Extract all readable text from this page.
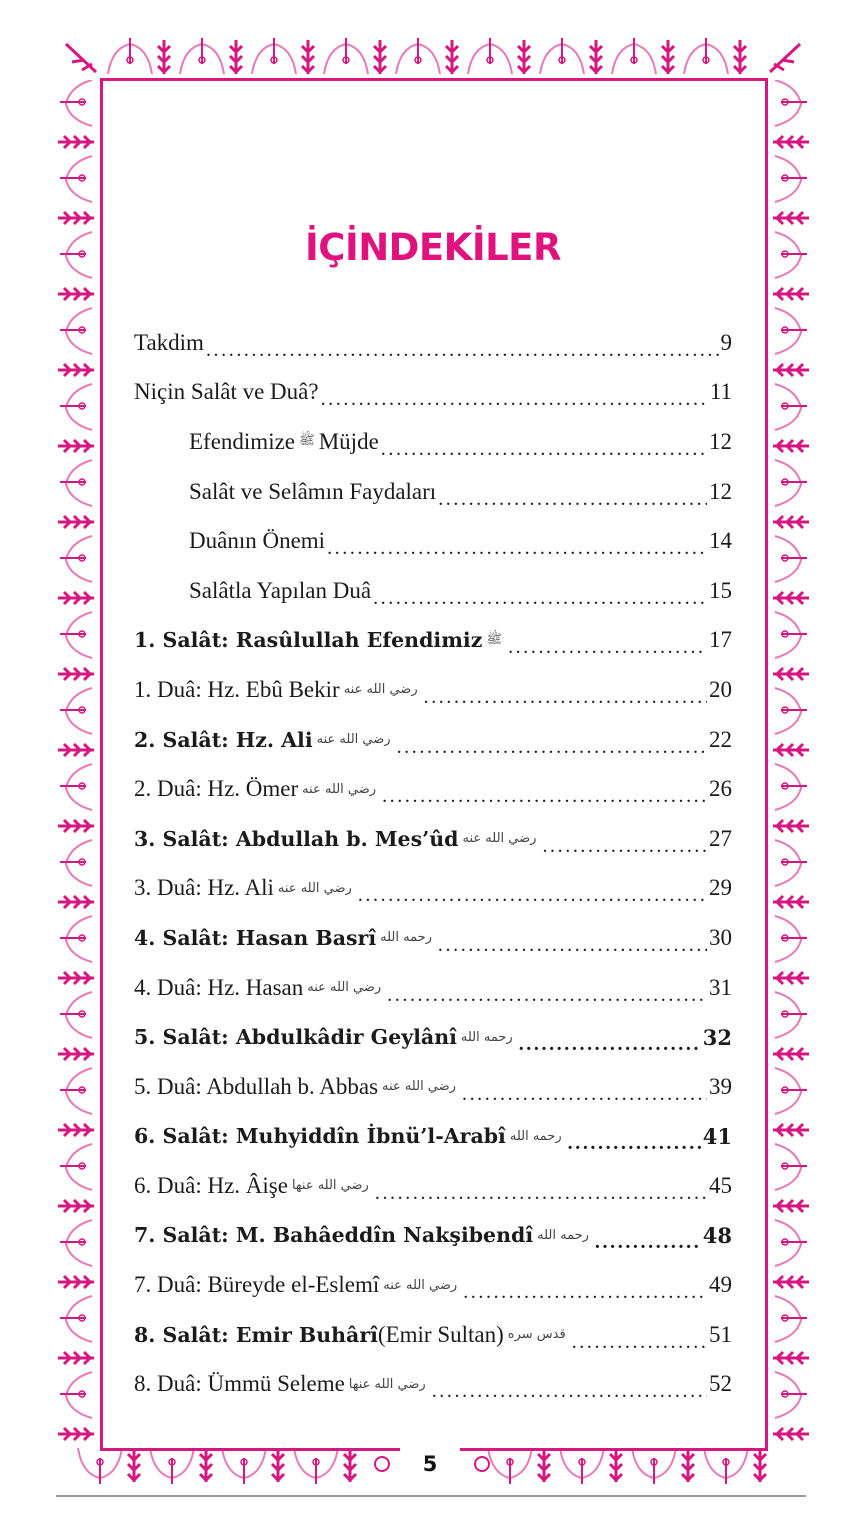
5
İÇİNDEKİLER
Takdim .....	9
Niçin Salât ve Duâ? .....	11
Efendimize ﷺ Müjde .....	12
Salât ve Selâmın Faydaları .....	12
Duânın Önemi .....	14
Salâtla Yapılan Duâ .....	15
1. Salât: Rasûlullah Efendimiz ﷺ .....	17
1. Duâ: Hz. Ebû Bekir رضي الله عنه .....	20
2. Salât: Hz. Ali رضي الله عنه .....	22
2. Duâ: Hz. Ömer رضي الله عنه .....	26
3. Salât: Abdullah b. Mes’ûd رضي الله عنه .....	27
3. Duâ: Hz. Ali رضي الله عنه .....	29
4. Salât: Hasan Basrî رحمه الله .....	30
4. Duâ: Hz. Hasan رضي الله عنه .....	31
5. Salât: Abdulkâdir Geylânî رحمه الله .....	32
5. Duâ: Abdullah b. Abbas رضي الله عنه .....	39
6. Salât: Muhyiddîn İbnü’l-Arabî رحمه الله .....	41
6. Duâ: Hz. Âişe رضي الله عنها .....	45
7. Salât: M. Bahâeddîn Nakşibendî رحمه الله .....	48
7. Duâ: Büreyde el-Eslemî رضي الله عنه .....	49
8. Salât: Emir Buhârî (Emir Sultan) قدس سره .....	51
8. Duâ: Ümmü Seleme رضي الله عنها .....	52
